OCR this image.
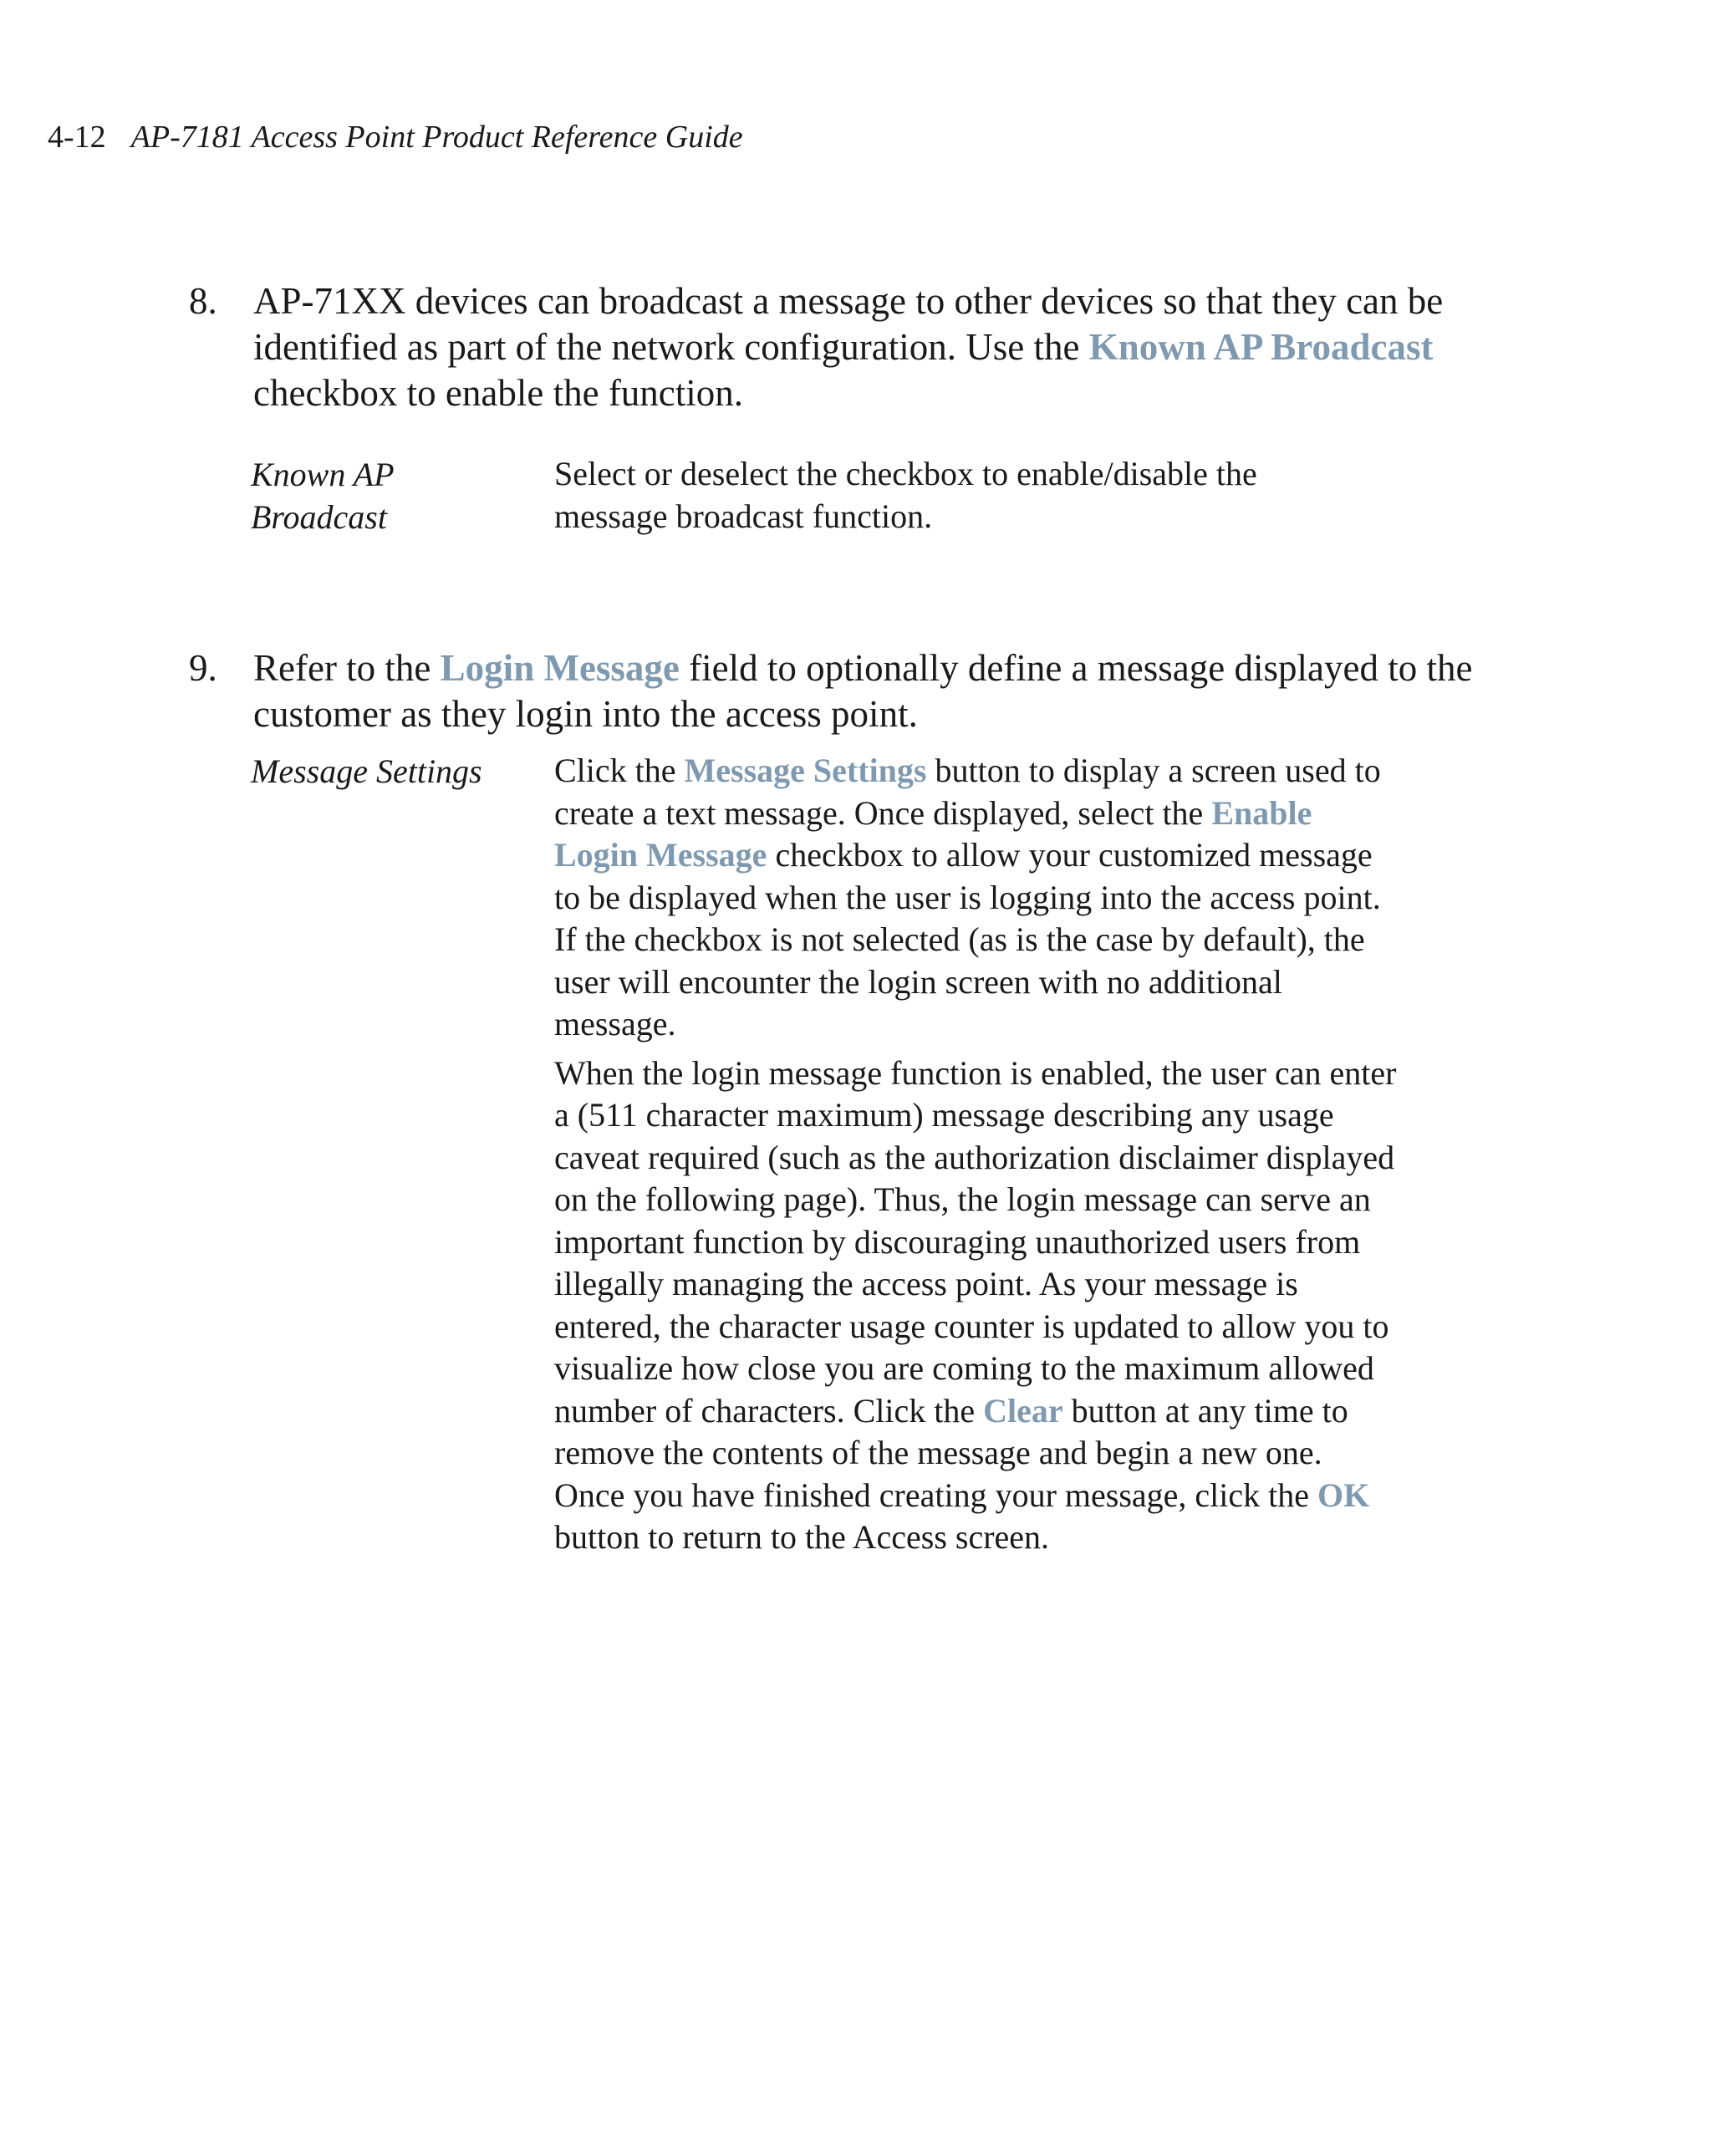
4-12 AP-7181 Access Point Product Reference Guide
8. AP-71XX devices can broadcast a message to other devices so that they can be identified as part of the network configuration. Use the Known AP Broadcast checkbox to enable the function.
Known AP
Broadcast

Select or deselect the checkbox to enable/disable the message broadcast function.

9. Refer to the Login Message field to optionally define a message displayed to the customer as they login into the access point.
Message Settings	Click the Message Settings button to display a screen used to create a text message. Once displayed, select the Enable Login Message checkbox to allow your customized message to be displayed when the user is logging into the access point. If the checkbox is not selected (as is the case by default), the user will encounter the login screen with no additional message.

When the login message function is enabled, the user can enter a (511 character maximum) message describing any usage caveat required (such as the authorization disclaimer displayed on the following page). Thus, the login message can serve an important function by discouraging unauthorized users from illegally managing the access point. As your message is entered, the character usage counter is updated to allow you to visualize how close you are coming to the maximum allowed number of characters. Click the Clear button at any time to remove the contents of the message and begin a new one. Once you have finished creating your message, click the OK button to return to the Access screen.
